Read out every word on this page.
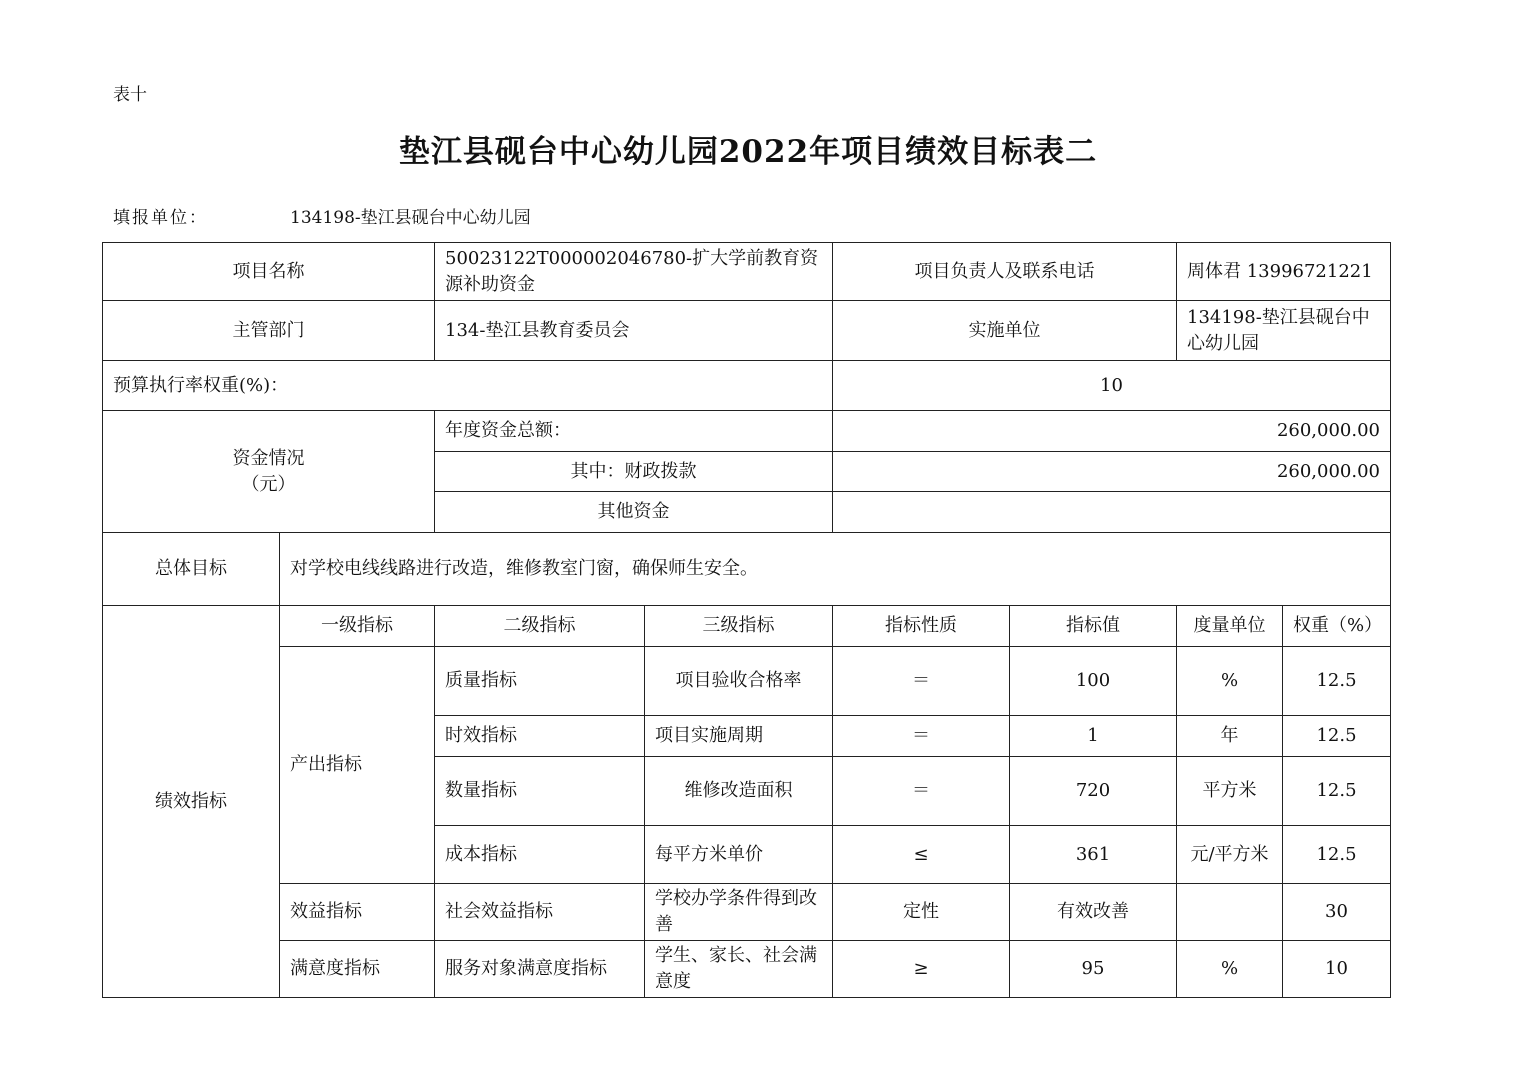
表十
垫江县砚台中心幼儿园2022年项目绩效目标表二
填报单位：	134198-垫江县砚台中心幼儿园
项目名称		50023122T000002046780-扩大学前教育资源补助资金		项目负责人及联系电话		周体君 13996721221	
主管部门		134-垫江县教育委员会		实施单位		134198-垫江县砚台中心幼儿园	
预算执行率权重(%)：				10			

资金情况
（元）		年度资金总额：		260,000.00			
		其中：财政拨款		260,000.00			
		其他资金					
总体目标	对学校电线线路进行改造，维修教室门窗，确保师生安全。						
绩效指标	一级指标	二级指标	三级指标	指标性质	指标值	度量单位	权重（%）
	产出指标	质量指标	项目验收合格率	＝	100	%	12.5
		时效指标	项目实施周期	＝	1	年	12.5
		数量指标	维修改造面积	＝	720	平方米	12.5
		成本指标	每平方米单价	≤	361	元/平方米	12.5
	效益指标	社会效益指标	学校办学条件得到改善	定性	有效改善		30
	满意度指标	服务对象满意度指标	学生、家长、社会满意度	≥	95	%	10
